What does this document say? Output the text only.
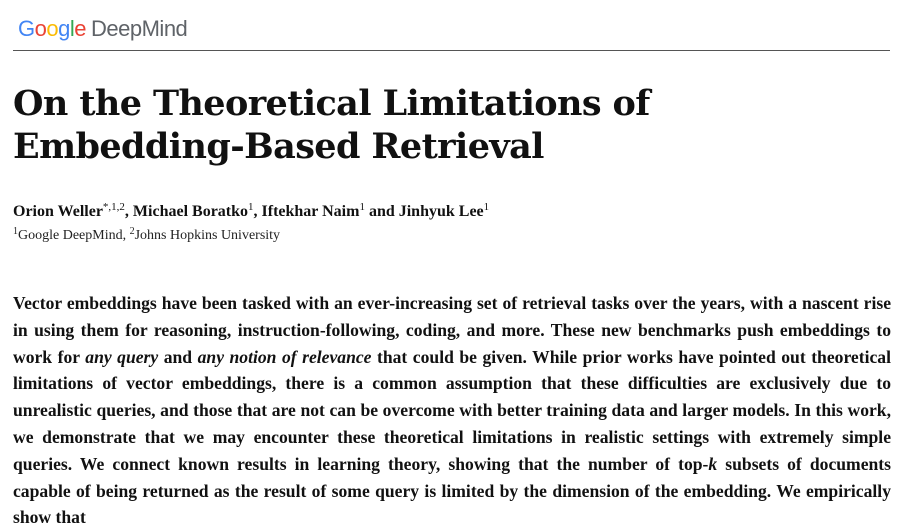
Google DeepMind
On the Theoretical Limitations of Embedding-Based Retrieval
Orion Weller$^{*,1,2}$, Michael Boratko$^1$, Iftekhar Naim$^1$ and Jinhyuk Lee$^1$
$^1$Google DeepMind, $^2$Johns Hopkins University

Vector embeddings have been tasked with an ever-increasing set of retrieval tasks over the years, with a nascent rise in using them for reasoning, instruction-following, coding, and more. These new benchmarks push embeddings to work for any query and any notion of relevance that could be given. While prior works have pointed out theoretical limitations of vector embeddings, there is a common assumption that these difficulties are exclusively due to unrealistic queries, and those that are not can be overcome with better training data and larger models. In this work, we demonstrate that we may encounter these theoretical limitations in realistic settings with extremely simple queries. We connect known results in learning theory, showing that the number of top-k subsets of documents capable of being returned as the result of some query is limited by the dimension of the embedding. We empirically show that
